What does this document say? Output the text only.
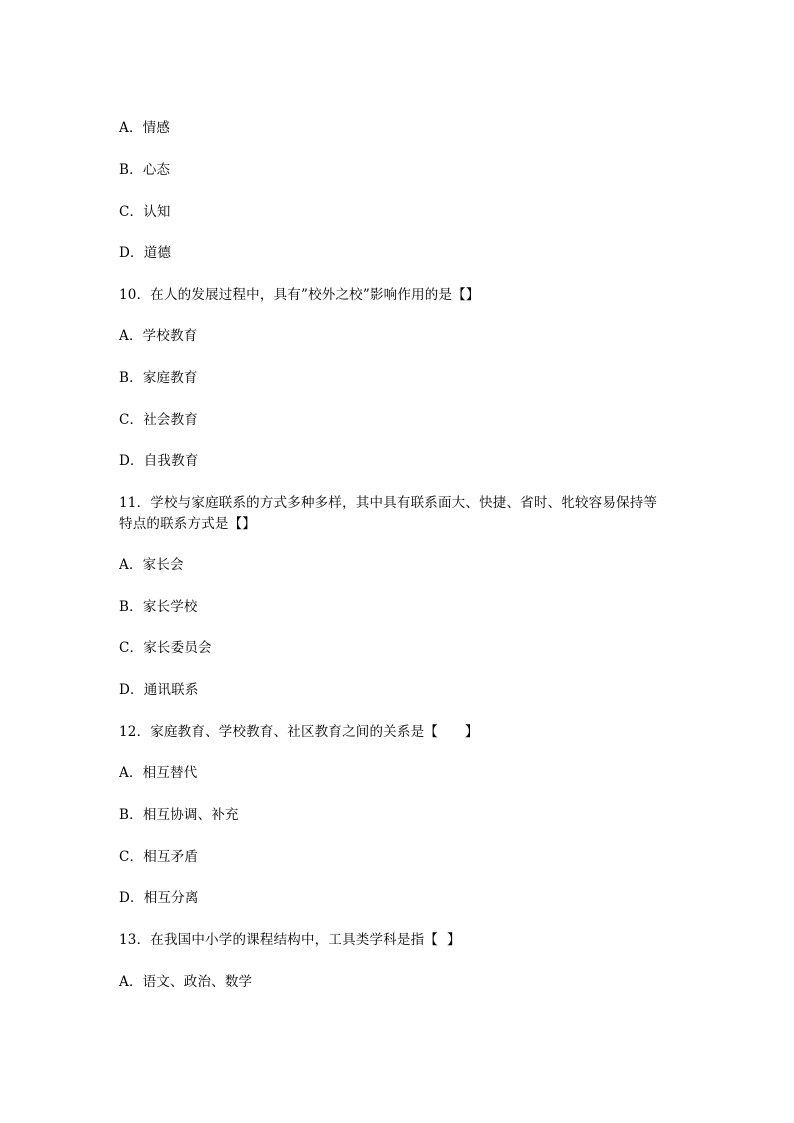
A．情感
B．心态
C．认知
D．道德
10．在人的发展过程中，具有”校外之校”影响作用的是【】
A．学校教育
B．家庭教育
C．社会教育
D．自我教育
11．学校与家庭联系的方式多种多样，其中具有联系面大、快捷、省时、牝较容易保持等
特点的联系方式是【】
A．家长会
B．家长学校
C．家长委员会
D．通讯联系
12．家庭教育、学校教育、社区教育之间的关系是【      】
A．相互替代
B．相互协调、补充
C．相互矛盾
D．相互分离
13．在我国中小学的课程结构中，工具类学科是指【  】
A．语文、政治、数学
